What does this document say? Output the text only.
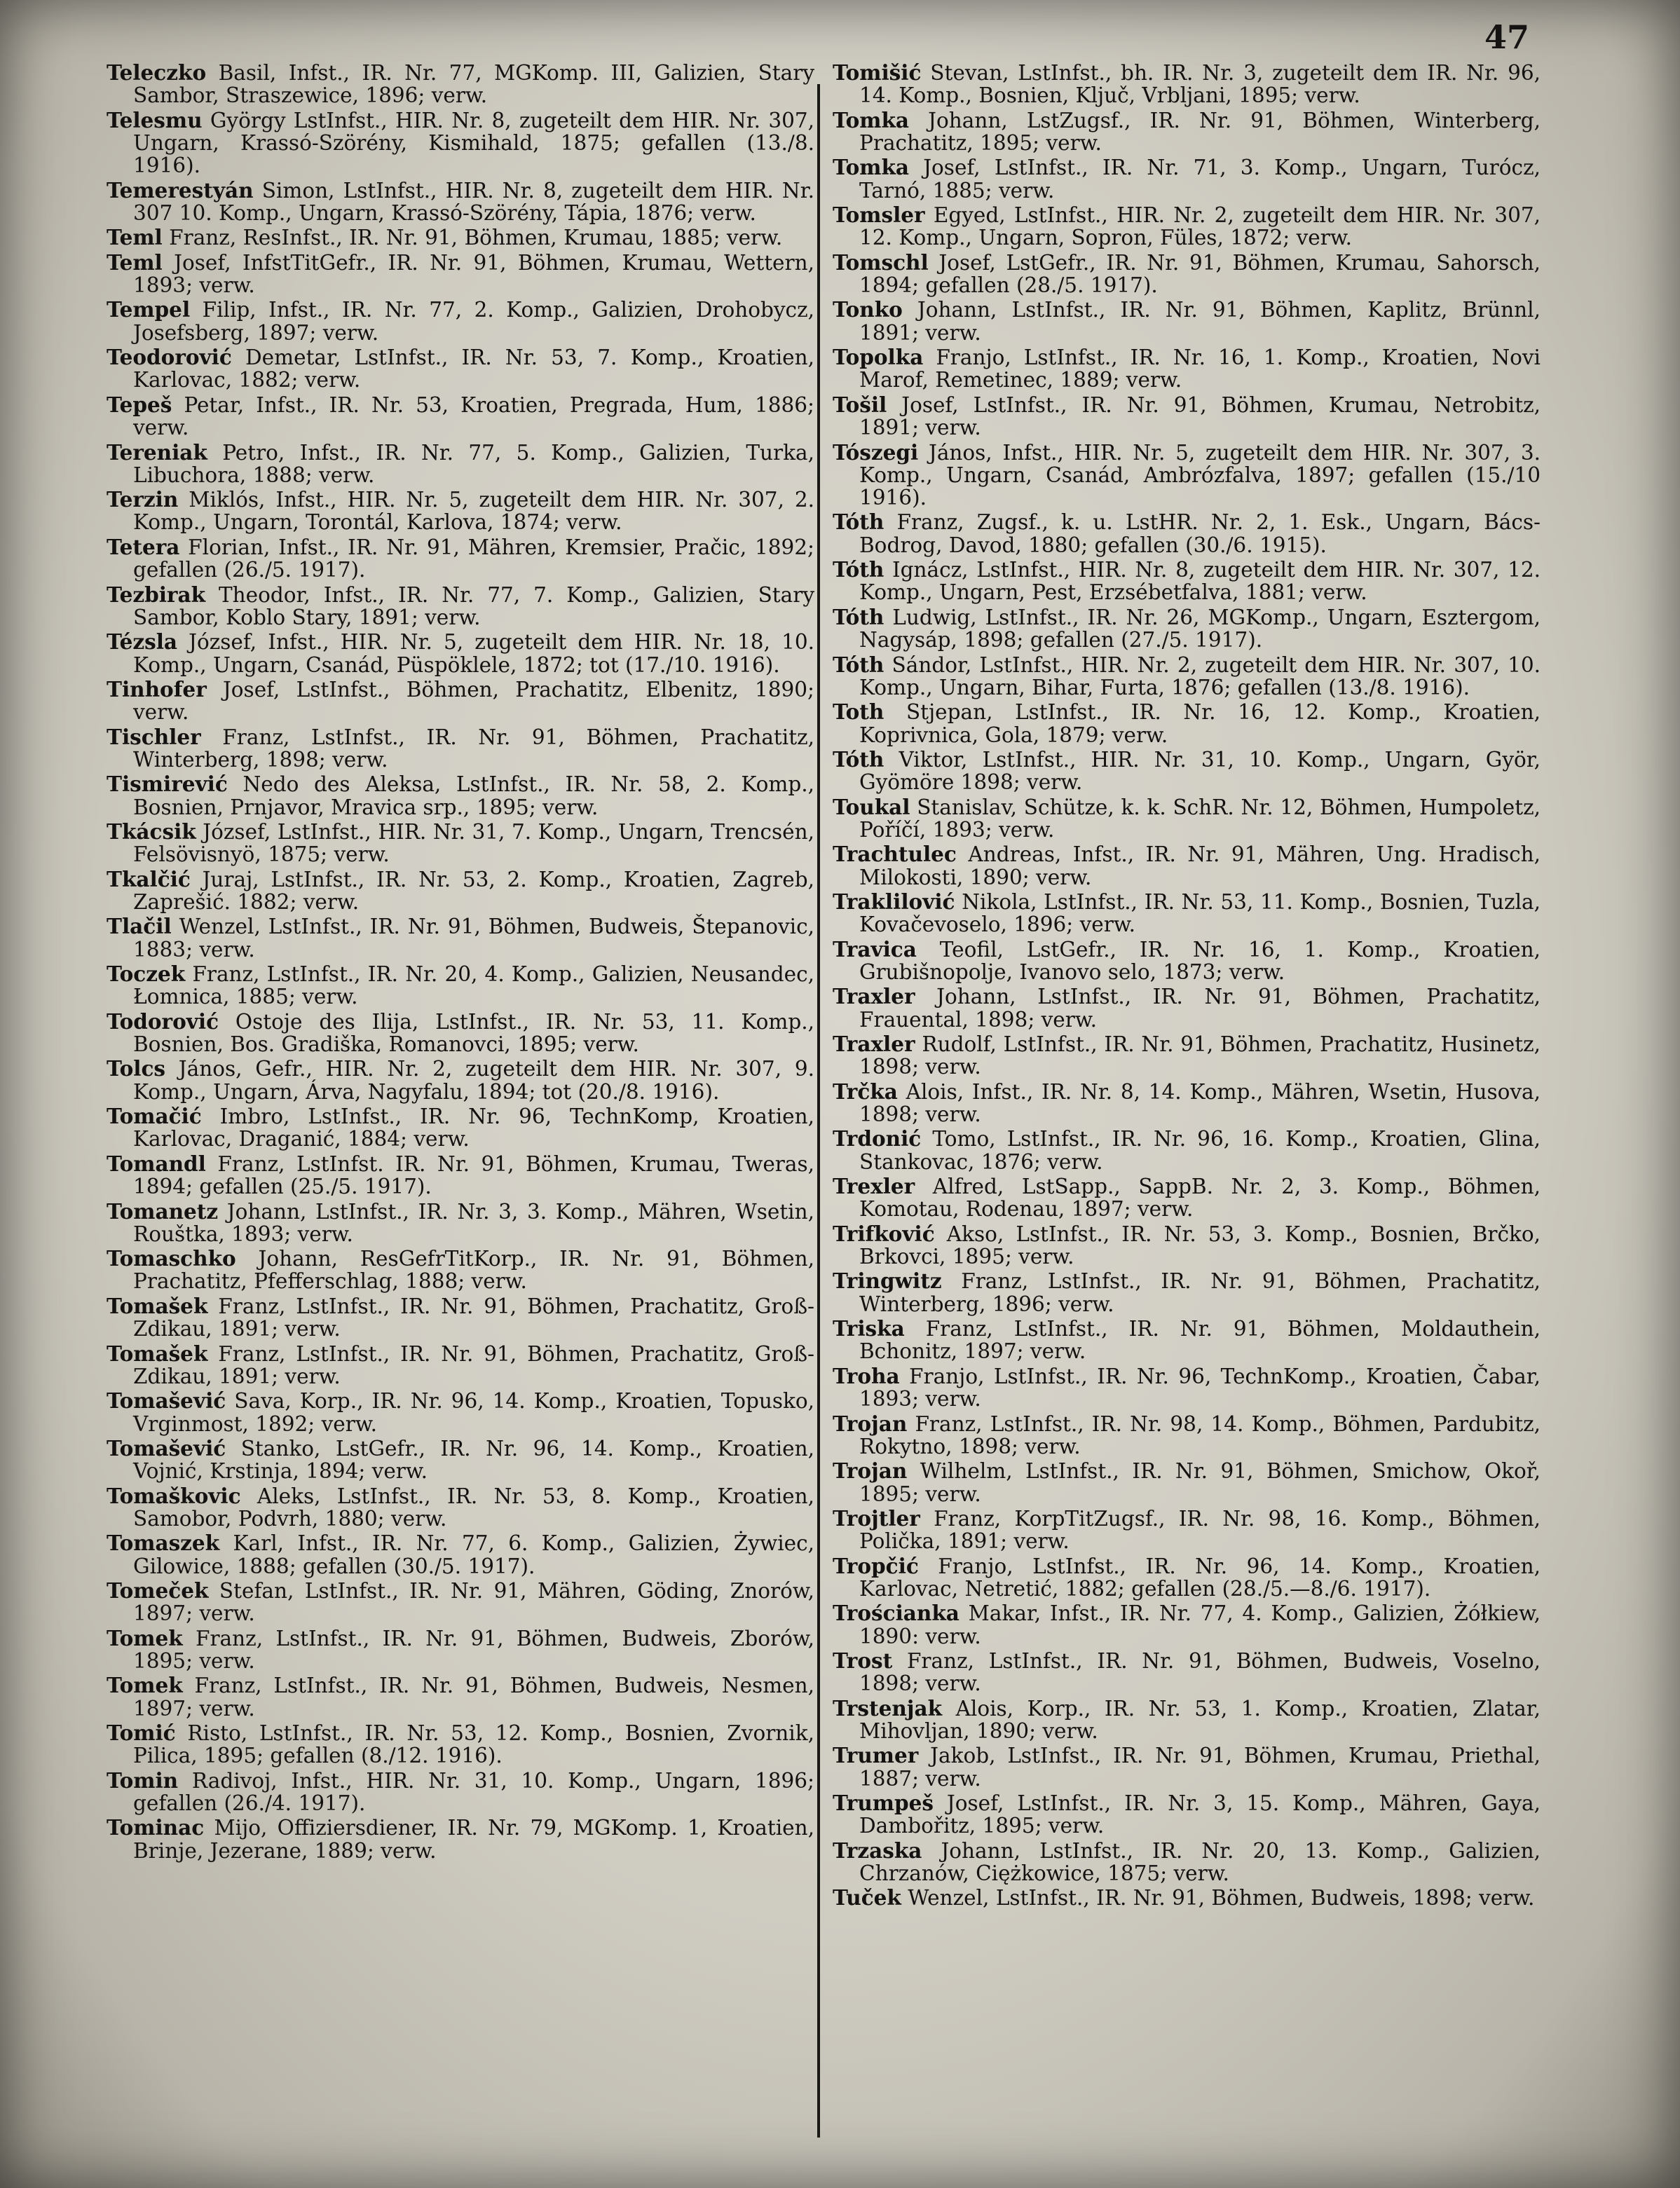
47

Teleczko Basil, Infst., IR. Nr. 77, MGKomp. III, Galizien, Stary Sambor, Straszewice, 1896; verw.

Telesmu György LstInfst., HIR. Nr. 8, zugeteilt dem HIR. Nr. 307, Ungarn, Krassó-Szörény, Kismihald, 1875; gefallen (13./8. 1916).

Temerestyán Simon, LstInfst., HIR. Nr. 8, zugeteilt dem HIR. Nr. 307 10. Komp., Ungarn, Krassó-Szörény, Tápia, 1876; verw.

Teml Franz, ResInfst., IR. Nr. 91, Böhmen, Krumau, 1885; verw.

Teml Josef, InfstTitGefr., IR. Nr. 91, Böhmen, Krumau, Wettern, 1893; verw.

Tempel Filip, Infst., IR. Nr. 77, 2. Komp., Galizien, Drohobycz, Josefsberg, 1897; verw.

Teodorović Demetar, LstInfst., IR. Nr. 53, 7. Komp., Kroatien, Karlovac, 1882; verw.

Tepeš Petar, Infst., IR. Nr. 53, Kroatien, Pregrada, Hum, 1886; verw.

Tereniak Petro, Infst., IR. Nr. 77, 5. Komp., Galizien, Turka, Libuchora, 1888; verw.

Terzin Miklós, Infst., HIR. Nr. 5, zugeteilt dem HIR. Nr. 307, 2. Komp., Ungarn, Torontál, Karlova, 1874; verw.

Tetera Florian, Infst., IR. Nr. 91, Mähren, Kremsier, Pračic, 1892; gefallen (26./5. 1917).

Tezbirak Theodor, Infst., IR. Nr. 77, 7. Komp., Galizien, Stary Sambor, Koblo Stary, 1891; verw.

Tézsla József, Infst., HIR. Nr. 5, zugeteilt dem HIR. Nr. 18, 10. Komp., Ungarn, Csanád, Püspöklele, 1872; tot (17./10. 1916).

Tinhofer Josef, LstInfst., Böhmen, Prachatitz, Elbenitz, 1890; verw.

Tischler Franz, LstInfst., IR. Nr. 91, Böhmen, Prachatitz, Winterberg, 1898; verw.

Tismirević Nedo des Aleksa, LstInfst., IR. Nr. 58, 2. Komp., Bosnien, Prnjavor, Mravica srp., 1895; verw.

Tkácsik József, LstInfst., HIR. Nr. 31, 7. Komp., Ungarn, Trencsén, Felsövisnyö, 1875; verw.

Tkalčić Juraj, LstInfst., IR. Nr. 53, 2. Komp., Kroatien, Zagreb, Zaprešić. 1882; verw.

Tlačil Wenzel, LstInfst., IR. Nr. 91, Böhmen, Budweis, Štepanovic, 1883; verw.

Toczek Franz, LstInfst., IR. Nr. 20, 4. Komp., Galizien, Neusandec, Łomnica, 1885; verw.

Todorović Ostoje des Ilija, LstInfst., IR. Nr. 53, 11. Komp., Bosnien, Bos. Gradiška, Romanovci, 1895; verw.

Tolcs János, Gefr., HIR. Nr. 2, zugeteilt dem HIR. Nr. 307, 9. Komp., Ungarn, Árva, Nagyfalu, 1894; tot (20./8. 1916).

Tomačić Imbro, LstInfst., IR. Nr. 96, TechnKomp, Kroatien, Karlovac, Draganić, 1884; verw.

Tomandl Franz, LstInfst. IR. Nr. 91, Böhmen, Krumau, Tweras, 1894; gefallen (25./5. 1917).

Tomanetz Johann, LstInfst., IR. Nr. 3, 3. Komp., Mähren, Wsetin, Rouštka, 1893; verw.

Tomaschko Johann, ResGefrTitKorp., IR. Nr. 91, Böhmen, Prachatitz, Pfefferschlag, 1888; verw.

Tomašek Franz, LstInfst., IR. Nr. 91, Böhmen, Prachatitz, Groß-Zdikau, 1891; verw.

Tomašek Franz, LstInfst., IR. Nr. 91, Böhmen, Prachatitz, Groß-Zdikau, 1891; verw.

Tomašević Sava, Korp., IR. Nr. 96, 14. Komp., Kroatien, Topusko, Vrginmost, 1892; verw.

Tomašević Stanko, LstGefr., IR. Nr. 96, 14. Komp., Kroatien, Vojnić, Krstinja, 1894; verw.

Tomaškovic Aleks, LstInfst., IR. Nr. 53, 8. Komp., Kroatien, Samobor, Podvrh, 1880; verw.

Tomaszek Karl, Infst., IR. Nr. 77, 6. Komp., Galizien, Żywiec, Gilowice, 1888; gefallen (30./5. 1917).

Tomeček Stefan, LstInfst., IR. Nr. 91, Mähren, Göding, Znorów, 1897; verw.

Tomek Franz, LstInfst., IR. Nr. 91, Böhmen, Budweis, Zborów, 1895; verw.

Tomek Franz, LstInfst., IR. Nr. 91, Böhmen, Budweis, Nesmen, 1897; verw.

Tomić Risto, LstInfst., IR. Nr. 53, 12. Komp., Bosnien, Zvornik, Pilica, 1895; gefallen (8./12. 1916).

Tomin Radivoj, Infst., HIR. Nr. 31, 10. Komp., Ungarn, 1896; gefallen (26./4. 1917).

Tominac Mijo, Offiziersdiener, IR. Nr. 79, MGKomp. 1, Kroatien, Brinje, Jezerane, 1889; verw.

Tomišić Stevan, LstInfst., bh. IR. Nr. 3, zugeteilt dem IR. Nr. 96, 14. Komp., Bosnien, Ključ, Vrbljani, 1895; verw.

Tomka Johann, LstZugsf., IR. Nr. 91, Böhmen, Winterberg, Prachatitz, 1895; verw.

Tomka Josef, LstInfst., IR. Nr. 71, 3. Komp., Ungarn, Turócz, Tarnó, 1885; verw.

Tomsler Egyed, LstInfst., HIR. Nr. 2, zugeteilt dem HIR. Nr. 307, 12. Komp., Ungarn, Sopron, Füles, 1872; verw.

Tomschl Josef, LstGefr., IR. Nr. 91, Böhmen, Krumau, Sahorsch, 1894; gefallen (28./5. 1917).

Tonko Johann, LstInfst., IR. Nr. 91, Böhmen, Kaplitz, Brünnl, 1891; verw.

Topolka Franjo, LstInfst., IR. Nr. 16, 1. Komp., Kroatien, Novi Marof, Remetinec, 1889; verw.

Tošil Josef, LstInfst., IR. Nr. 91, Böhmen, Krumau, Netrobitz, 1891; verw.

Tószegi János, Infst., HIR. Nr. 5, zugeteilt dem HIR. Nr. 307, 3. Komp., Ungarn, Csanád, Ambrózfalva, 1897; gefallen (15./10 1916).

Tóth Franz, Zugsf., k. u. LstHR. Nr. 2, 1. Esk., Ungarn, Bács-Bodrog, Davod, 1880; gefallen (30./6. 1915).

Tóth Ignácz, LstInfst., HIR. Nr. 8, zugeteilt dem HIR. Nr. 307, 12. Komp., Ungarn, Pest, Erzsébetfalva, 1881; verw.

Tóth Ludwig, LstInfst., IR. Nr. 26, MGKomp., Ungarn, Esztergom, Nagysáp, 1898; gefallen (27./5. 1917).

Tóth Sándor, LstInfst., HIR. Nr. 2, zugeteilt dem HIR. Nr. 307, 10. Komp., Ungarn, Bihar, Furta, 1876; gefallen (13./8. 1916).

Toth Stjepan, LstInfst., IR. Nr. 16, 12. Komp., Kroatien, Koprivnica, Gola, 1879; verw.

Tóth Viktor, LstInfst., HIR. Nr. 31, 10. Komp., Ungarn, Györ, Gyömöre 1898; verw.

Toukal Stanislav, Schütze, k. k. SchR. Nr. 12, Böhmen, Humpoletz, Poříčí, 1893; verw.

Trachtulec Andreas, Infst., IR. Nr. 91, Mähren, Ung. Hradisch, Milokosti, 1890; verw.

Traklilović Nikola, LstInfst., IR. Nr. 53, 11. Komp., Bosnien, Tuzla, Kovačevoselo, 1896; verw.

Travica Teofil, LstGefr., IR. Nr. 16, 1. Komp., Kroatien, Grubišnopolje, Ivanovo selo, 1873; verw.

Traxler Johann, LstInfst., IR. Nr. 91, Böhmen, Prachatitz, Frauental, 1898; verw.

Traxler Rudolf, LstInfst., IR. Nr. 91, Böhmen, Prachatitz, Husinetz, 1898; verw.

Trčka Alois, Infst., IR. Nr. 8, 14. Komp., Mähren, Wsetin, Husova, 1898; verw.

Trdonić Tomo, LstInfst., IR. Nr. 96, 16. Komp., Kroatien, Glina, Stankovac, 1876; verw.

Trexler Alfred, LstSapp., SappB. Nr. 2, 3. Komp., Böhmen, Komotau, Rodenau, 1897; verw.

Trifković Akso, LstInfst., IR. Nr. 53, 3. Komp., Bosnien, Brčko, Brkovci, 1895; verw.

Tringwitz Franz, LstInfst., IR. Nr. 91, Böhmen, Prachatitz, Winterberg, 1896; verw.

Triska Franz, LstInfst., IR. Nr. 91, Böhmen, Moldauthein, Bchonitz, 1897; verw.

Troha Franjo, LstInfst., IR. Nr. 96, TechnKomp., Kroatien, Čabar, 1893; verw.

Trojan Franz, LstInfst., IR. Nr. 98, 14. Komp., Böhmen, Pardubitz, Rokytno, 1898; verw.

Trojan Wilhelm, LstInfst., IR. Nr. 91, Böhmen, Smichow, Okoř, 1895; verw.

Trojtler Franz, KorpTitZugsf., IR. Nr. 98, 16. Komp., Böhmen, Polička, 1891; verw.

Tropčić Franjo, LstInfst., IR. Nr. 96, 14. Komp., Kroatien, Karlovac, Netretić, 1882; gefallen (28./5.—8./6. 1917).

Trościanka Makar, Infst., IR. Nr. 77, 4. Komp., Galizien, Żółkiew, 1890: verw.

Trost Franz, LstInfst., IR. Nr. 91, Böhmen, Budweis, Voselno, 1898; verw.

Trstenjak Alois, Korp., IR. Nr. 53, 1. Komp., Kroatien, Zlatar, Mihovljan, 1890; verw.

Trumer Jakob, LstInfst., IR. Nr. 91, Böhmen, Krumau, Priethal, 1887; verw.

Trumpeš Josef, LstInfst., IR. Nr. 3, 15. Komp., Mähren, Gaya, Dambořitz, 1895; verw.

Trzaska Johann, LstInfst., IR. Nr. 20, 13. Komp., Galizien, Chrzanów, Ciężkowice, 1875; verw.

Tuček Wenzel, LstInfst., IR. Nr. 91, Böhmen, Budweis, 1898; verw.
